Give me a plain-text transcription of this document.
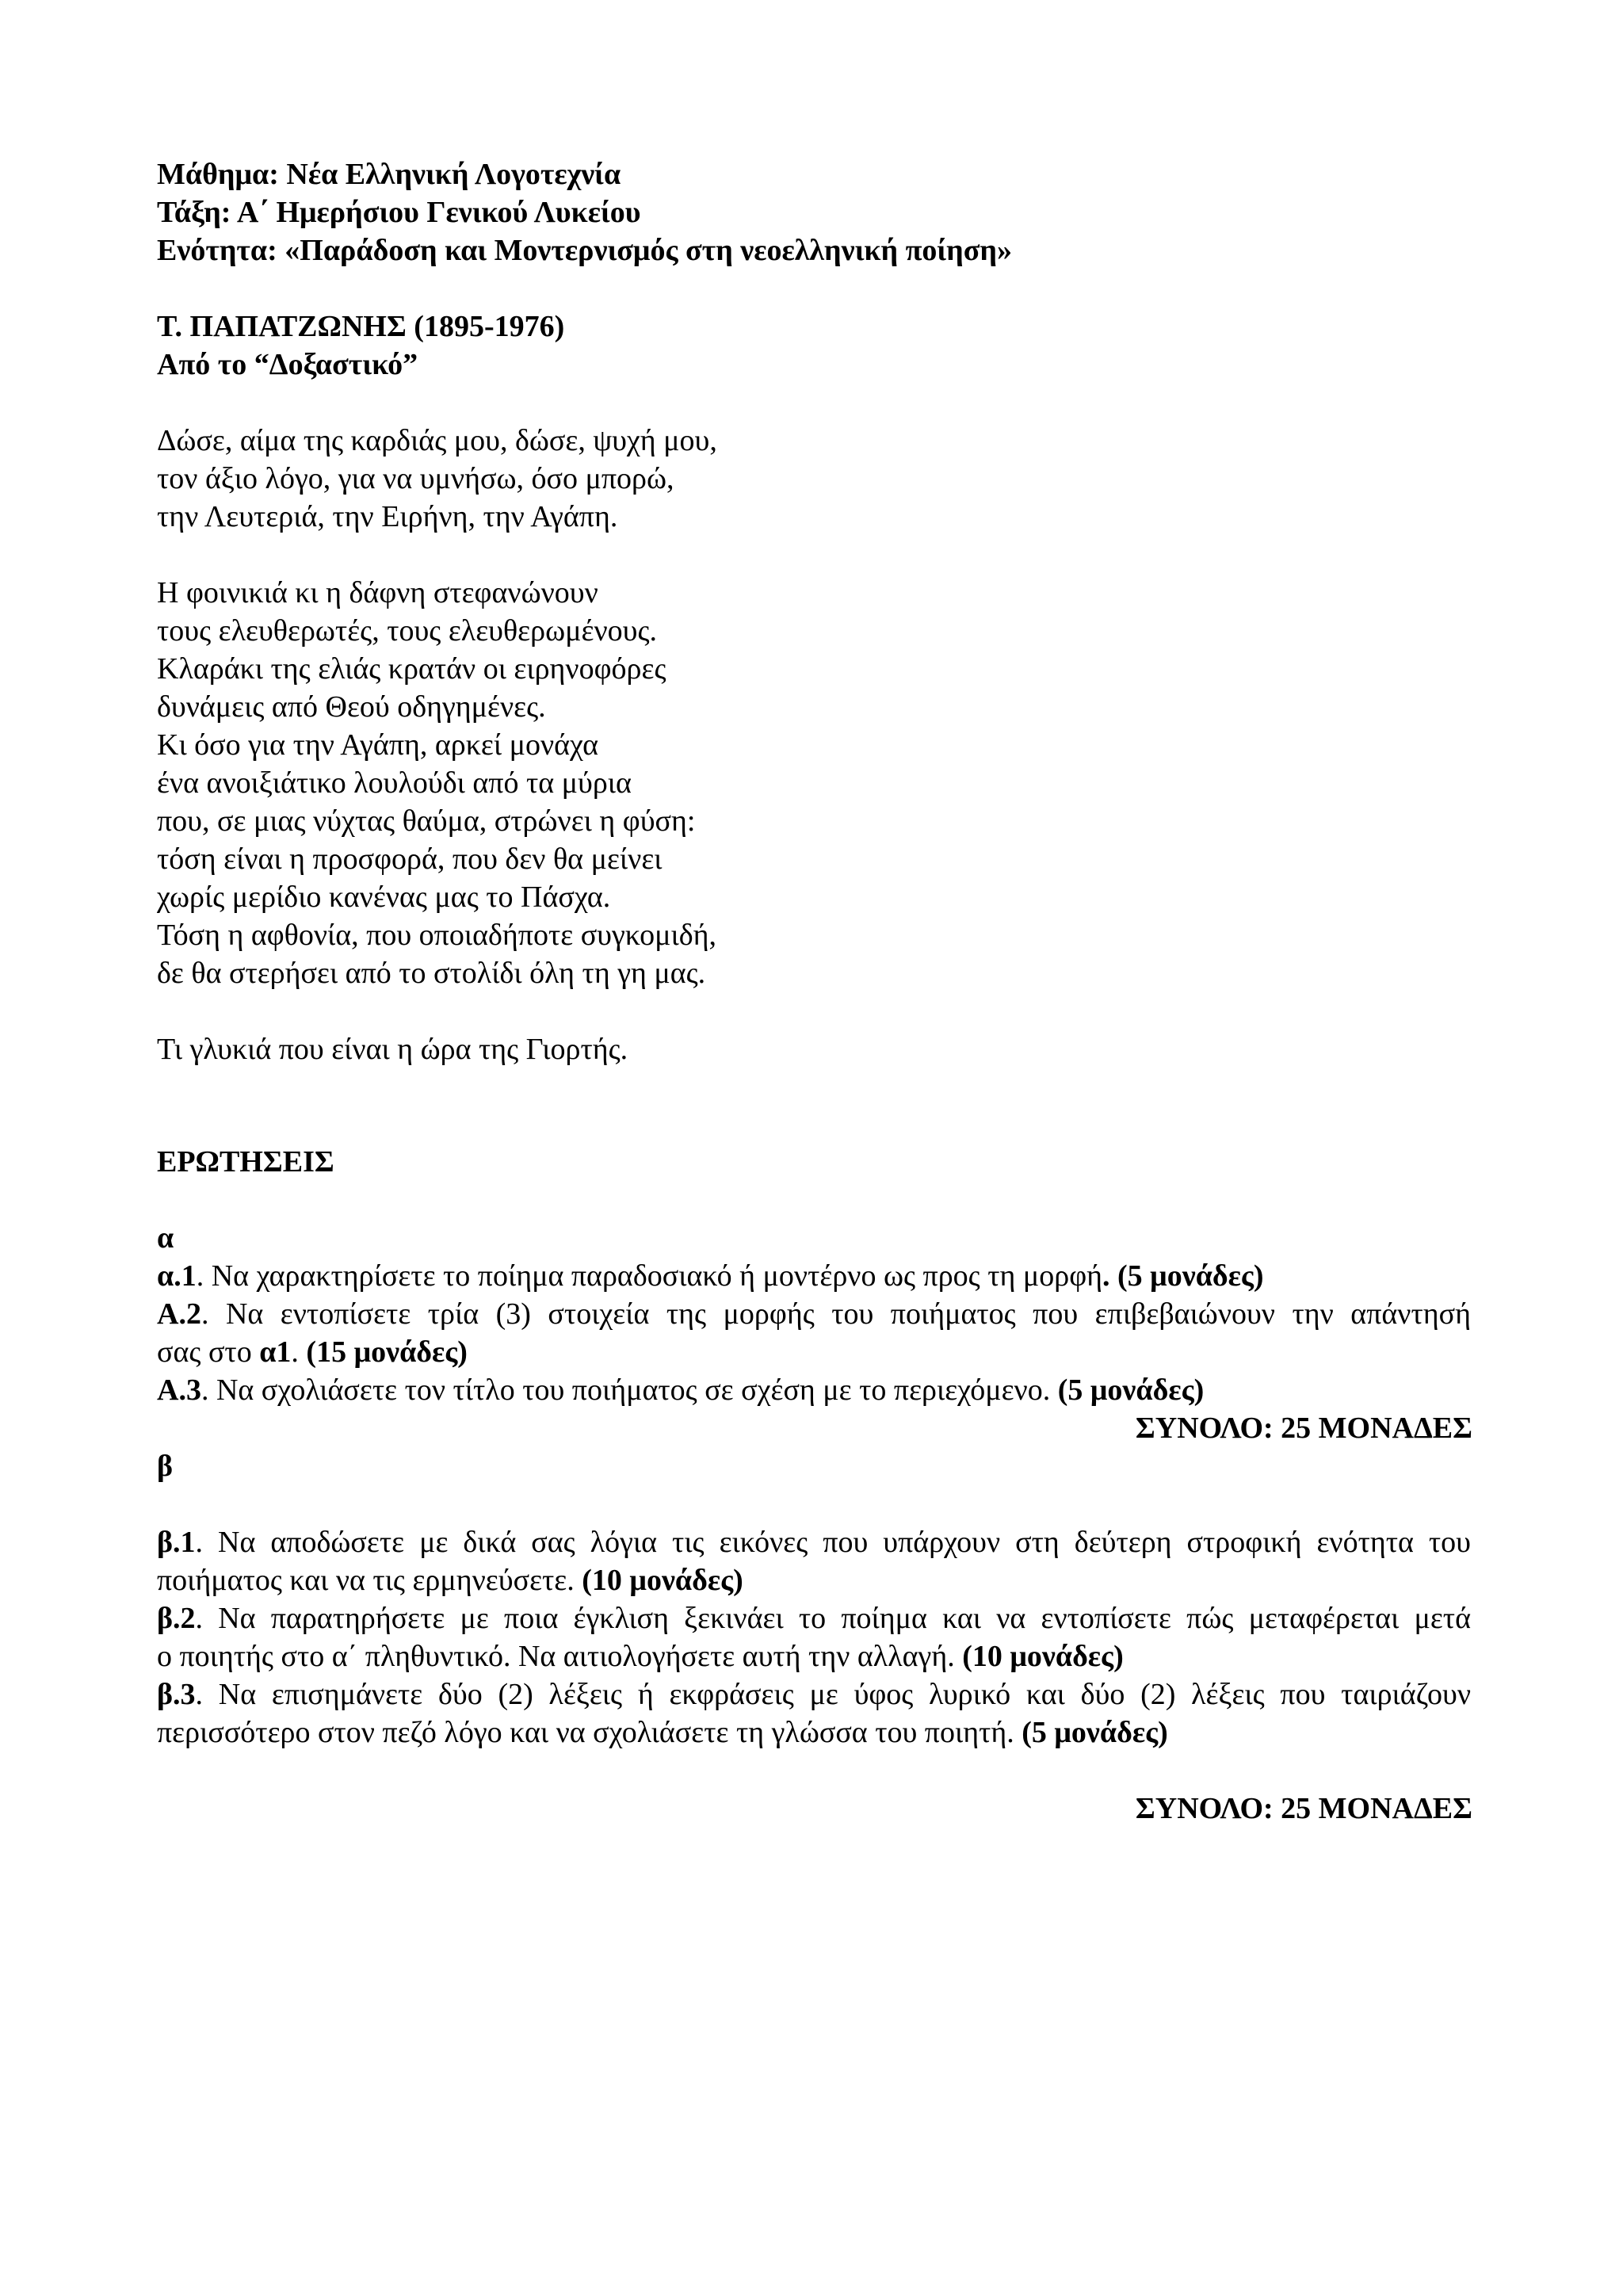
Μάθημα: Νέα Ελληνική Λογοτεχνία
Τάξη: Α΄ Ημερήσιου Γενικού Λυκείου
Ενότητα: «Παράδοση και Μοντερνισμός στη νεοελληνική ποίηση»
Τ. ΠΑΠΑΤΖΩΝΗΣ (1895-1976)
Από το “Δοξαστικό”
Δώσε, αίμα της καρδιάς μου, δώσε, ψυχή μου,
τον άξιο λόγο, για να υμνήσω, όσο μπορώ,
την Λευτεριά, την Ειρήνη, την Αγάπη.
Η φοινικιά κι η δάφνη στεφανώνουν
τους ελευθερωτές, τους ελευθερωμένους.
Κλαράκι της ελιάς κρατάν οι ειρηνοφόρες
δυνάμεις από Θεού οδηγημένες.
Κι όσο για την Αγάπη, αρκεί μονάχα
ένα ανοιξιάτικο λουλούδι από τα μύρια
που, σε μιας νύχτας θαύμα, στρώνει η φύση:
τόση είναι η προσφορά, που δεν θα μείνει
χωρίς μερίδιο κανένας μας το Πάσχα.
Τόση η αφθονία, που οποιαδήποτε συγκομιδή,
δε θα στερήσει από το στολίδι όλη τη γη μας.
Τι γλυκιά που είναι η ώρα της Γιορτής.
ΕΡΩΤΗΣΕΙΣ
α
α.1. Να χαρακτηρίσετε το ποίημα παραδοσιακό ή μοντέρνο ως προς τη μορφή. (5 μονάδες)
Α.2. Να εντοπίσετε τρία (3) στοιχεία της μορφής του ποιήματος που επιβεβαιώνουν την απάντησή
σας στο α1. (15 μονάδες)
Α.3. Να σχολιάσετε τον τίτλο του ποιήματος σε σχέση με το περιεχόμενο. (5 μονάδες)
ΣΥΝΟΛΟ: 25 ΜΟΝΑΔΕΣ
β
β.1. Να αποδώσετε με δικά σας λόγια τις εικόνες που υπάρχουν στη δεύτερη στροφική ενότητα του
ποιήματος και να τις ερμηνεύσετε. (10 μονάδες)
β.2. Να παρατηρήσετε με ποια έγκλιση ξεκινάει το ποίημα και να εντοπίσετε πώς μεταφέρεται μετά
ο ποιητής στο α΄ πληθυντικό. Να αιτιολογήσετε αυτή την αλλαγή. (10 μονάδες)
β.3. Να επισημάνετε δύο (2) λέξεις ή εκφράσεις με ύφος λυρικό και δύο (2) λέξεις που ταιριάζουν
περισσότερο στον πεζό λόγο και να σχολιάσετε τη γλώσσα του ποιητή. (5 μονάδες)
ΣΥΝΟΛΟ: 25 ΜΟΝΑΔΕΣ
